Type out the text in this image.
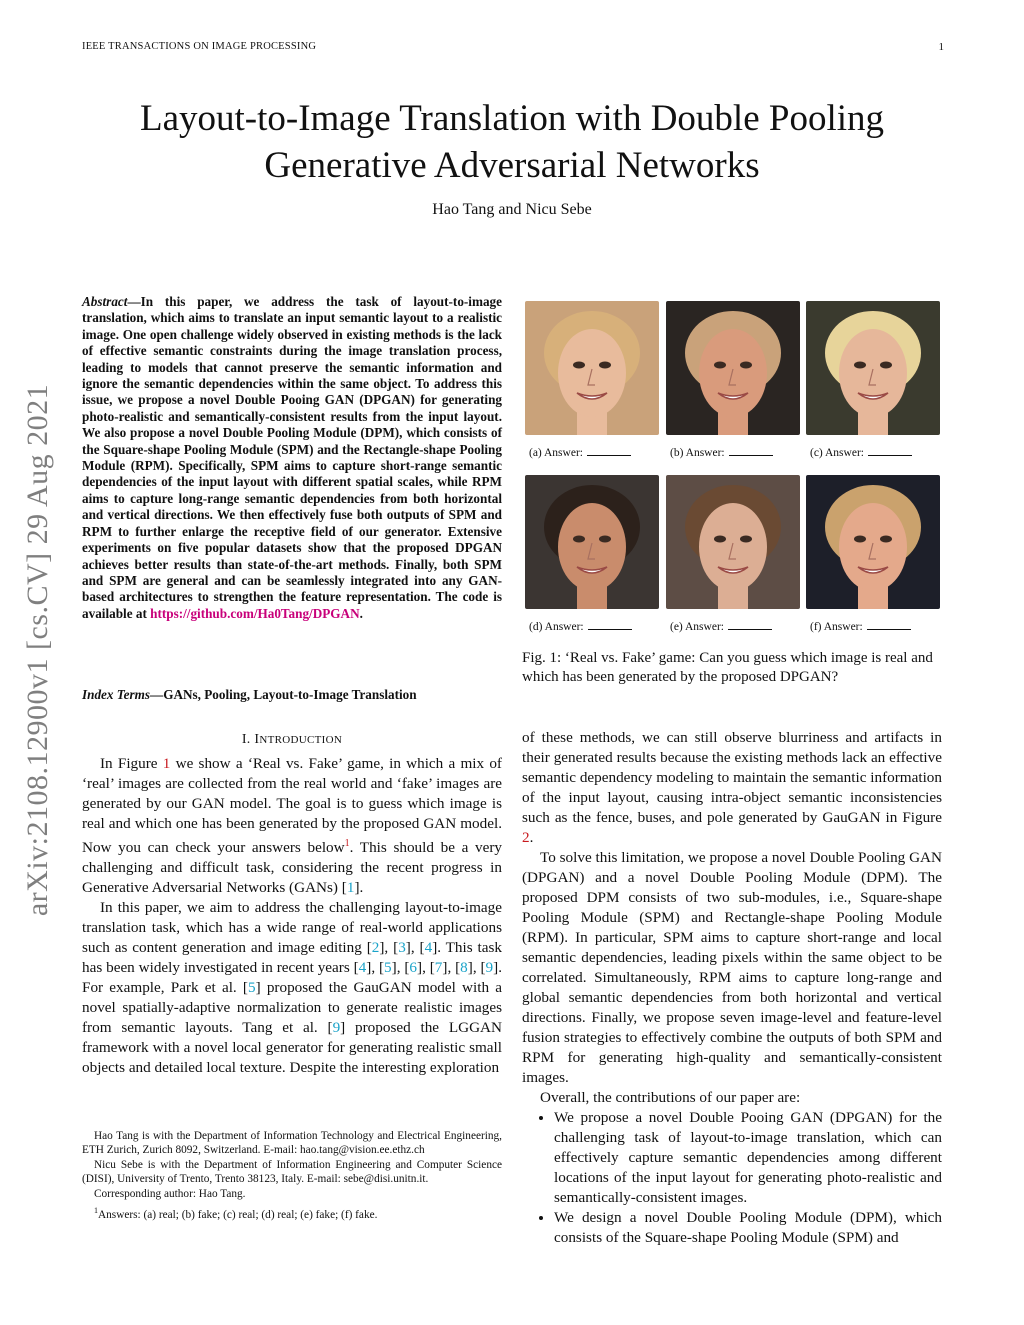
IEEE TRANSACTIONS ON IMAGE PROCESSING	1
Layout-to-Image Translation with Double Pooling
Generative Adversarial Networks
Hao Tang and Nicu Sebe
arXiv:2108.12900v1 [cs.CV] 29 Aug 2021
Abstract—In this paper, we address the task of layout-to-image translation, which aims to translate an input semantic layout to a realistic image. One open challenge widely observed in existing methods is the lack of effective semantic constraints during the image translation process, leading to models that cannot preserve the semantic information and ignore the semantic dependencies within the same object. To address this issue, we propose a novel Double Pooing GAN (DPGAN) for generating photo-realistic and semantically-consistent results from the input layout. We also propose a novel Double Pooling Module (DPM), which consists of the Square-shape Pooling Module (SPM) and the Rectangle-shape Pooling Module (RPM). Specifically, SPM aims to capture short-range semantic dependencies of the input layout with different spatial scales, while RPM aims to capture long-range semantic dependencies from both horizontal and vertical directions. We then effectively fuse both outputs of SPM and RPM to further enlarge the receptive field of our generator. Extensive experiments on five popular datasets show that the proposed DPGAN achieves better results than state-of-the-art methods. Finally, both SPM and SPM are general and can be seamlessly integrated into any GAN-based architectures to strengthen the feature representation. The code is available at https://github.com/Ha0Tang/DPGAN.
Index Terms—GANs, Pooling, Layout-to-Image Translation
I. INTRODUCTION

In Figure 1 we show a ‘Real vs. Fake’ game, in which a mix of ‘real’ images are collected from the real world and ‘fake’ images are generated by our GAN model. The goal is to guess which image is real and which one has been generated by the proposed GAN model. Now you can check your answers below$^1$. This should be a very challenging and difficult task, considering the recent progress in Generative Adversarial Networks (GANs) [1].

In this paper, we aim to address the challenging layout-to-image translation task, which has a wide range of real-world applications such as content generation and image editing [2], [3], [4]. This task has been widely investigated in recent years [4], [5], [6], [7], [8], [9]. For example, Park et al. [5] proposed the GauGAN model with a novel spatially-adaptive normalization to generate realistic images from semantic layouts. Tang et al. [9] proposed the LGGAN framework with a novel local generator for generating realistic small objects and detailed local texture. Despite the interesting exploration

Hao Tang is with the Department of Information Technology and Electrical Engineering, ETH Zurich, Zurich 8092, Switzerland. E-mail: hao.tang@vision.ee.ethz.ch

Nicu Sebe is with the Department of Information Engineering and Computer Science (DISI), University of Trento, Trento 38123, Italy. E-mail: sebe@disi.unitn.it.

Corresponding author: Hao Tang.

$^1$Answers: (a) real; (b) fake; (c) real; (d) real; (e) fake; (f) fake.

(a) Answer:	(b) Answer:	(c) Answer:
(d) Answer:	(e) Answer:	(f) Answer:
Fig. 1: ‘Real vs. Fake’ game: Can you guess which image is real and which has been generated by the proposed DPGAN?

of these methods, we can still observe blurriness and artifacts in their generated results because the existing methods lack an effective semantic dependency modeling to maintain the semantic information of the input layout, causing intra-object semantic inconsistencies such as the fence, buses, and pole generated by GauGAN in Figure 2.

To solve this limitation, we propose a novel Double Pooling GAN (DPGAN) and a novel Double Pooling Module (DPM). The proposed DPM consists of two sub-modules, i.e., Square-shape Pooling Module (SPM) and Rectangle-shape Pooling Module (RPM). In particular, SPM aims to capture short-range and local semantic dependencies, leading pixels within the same object to be correlated. Simultaneously, RPM aims to capture long-range and global semantic dependencies from both horizontal and vertical directions. Finally, we propose seven image-level and feature-level fusion strategies to effectively combine the outputs of both SPM and RPM for generating high-quality and semantically-consistent images.

Overall, the contributions of our paper are:

• We propose a novel Double Pooing GAN (DPGAN) for the challenging task of layout-to-image translation, which can effectively capture semantic dependencies among different locations of the input layout for generating photo-realistic and semantically-consistent images.
• We design a novel Double Pooling Module (DPM), which consists of the Square-shape Pooling Module (SPM) and
